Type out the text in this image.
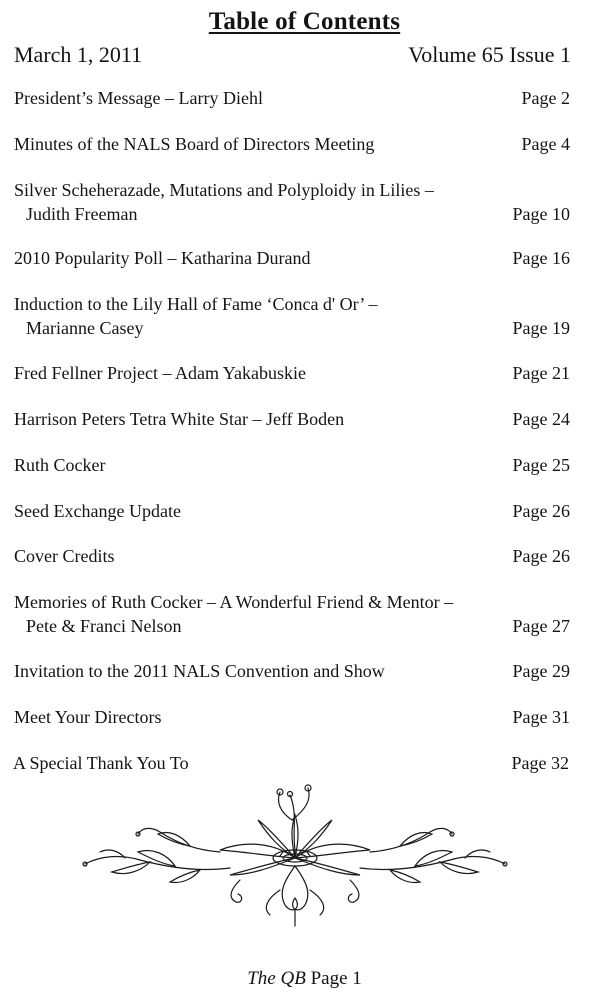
Table of Contents
March 1, 2011	Volume 65 Issue 1
President’s Message – Larry Diehl	Page 2
Minutes of the NALS Board of Directors Meeting	Page 4
Silver Scheherazade, Mutations and Polyploidy in Lilies –
Judith Freeman	Page 10
2010 Popularity Poll – Katharina Durand	Page 16
Induction to the Lily Hall of Fame ‘Conca d' Or’ –
Marianne Casey	Page 19
Fred Fellner Project – Adam Yakabuskie	Page 21
Harrison Peters Tetra White Star – Jeff Boden	Page 24
Ruth Cocker	Page 25
Seed Exchange Update	Page 26
Cover Credits	Page 26
Memories of Ruth Cocker – A Wonderful Friend & Mentor –
Pete & Franci Nelson	Page 27
Invitation to the 2011 NALS Convention and Show	Page 29
Meet Your Directors	Page 31
A Special Thank You To	Page 32
The QB Page 1
